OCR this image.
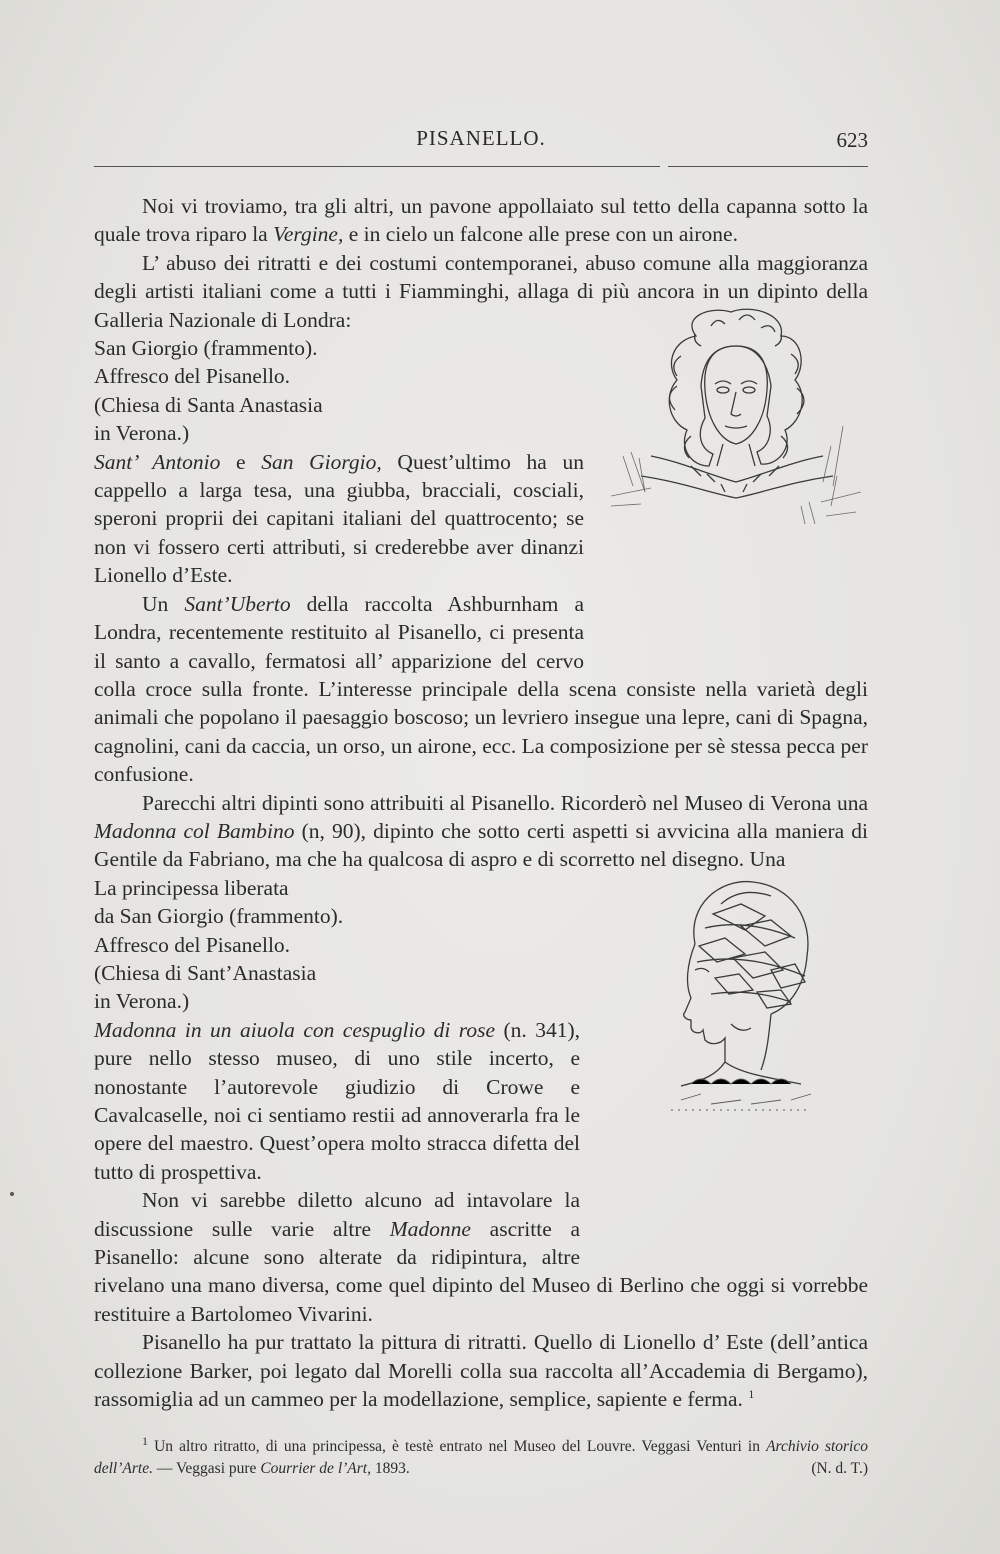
PISANELLO.	623

Noi vi troviamo, tra gli altri, un pavone appollaiato sul tetto della capanna sotto la quale trova riparo la Vergine, e in cielo un falcone alle prese con un airone.

L’ abuso dei ritratti e dei costumi contemporanei, abuso comune alla maggioranza degli artisti italiani come a tutti i Fiamminghi, allaga di più ancora in un dipinto della Galleria Nazionale di Londra:

San Giorgio (frammento).
Affresco del Pisanello.
(Chiesa di Santa Anastasia
in Verona.)
Sant’ Antonio e San Giorgio, Quest’ultimo ha un cappello a larga tesa, una giubba, bracciali, cosciali, speroni proprii dei capitani italiani del quattrocento; se non vi fossero certi attributi, si crederebbe aver dinanzi Lionello d’Este.

Un Sant’Uberto della raccolta Ashburnham a Londra, recentemente restituito al Pisanello, ci presenta il santo a cavallo, fermatosi all’ apparizione del cervo colla croce sulla fronte. L’interesse principale della scena consiste nella varietà degli animali che popolano il paesaggio boscoso; un levriero insegue una lepre, cani di Spagna, cagnolini, cani da caccia, un orso, un airone, ecc. La composizione per sè stessa pecca per confusione.

Parecchi altri dipinti sono attribuiti al Pisanello. Ricorderò nel Museo di Verona una Madonna col Bambino (n, 90), dipinto che sotto certi aspetti si avvicina alla maniera di Gentile da Fabriano, ma che ha qualcosa di aspro e di scorretto nel disegno. Una

La principessa liberata
da San Giorgio (frammento).
Affresco del Pisanello.
(Chiesa di Sant’Anastasia
in Verona.)
Madonna in un aiuola con cespuglio di rose (n. 341), pure nello stesso museo, di uno stile incerto, e nonostante l’autorevole giudizio di Crowe e Cavalcaselle, noi ci sentiamo restii ad annoverarla fra le opere del maestro. Quest’opera molto stracca difetta del tutto di prospettiva.

Non vi sarebbe diletto alcuno ad intavolare la discussione sulle varie altre Madonne ascritte a Pisanello: alcune sono alterate da ridipintura, altre rivelano una mano diversa, come quel dipinto del Museo di Berlino che oggi si vorrebbe restituire a Bartolomeo Vivarini.

Pisanello ha pur trattato la pittura di ritratti. Quello di Lionello d’ Este (dell’antica collezione Barker, poi legato dal Morelli colla sua raccolta all’Accademia di Bergamo), rassomiglia ad un cammeo per la modellazione, semplice, sapiente e ferma. $^1$

$^1$ Un altro ritratto, di una principessa, è testè entrato nel Museo del Louvre. Veggasi Venturi in Archivio storico dell’Arte. — Veggasi pure Courrier de l’Art, 1893.	(N. d. T.)
